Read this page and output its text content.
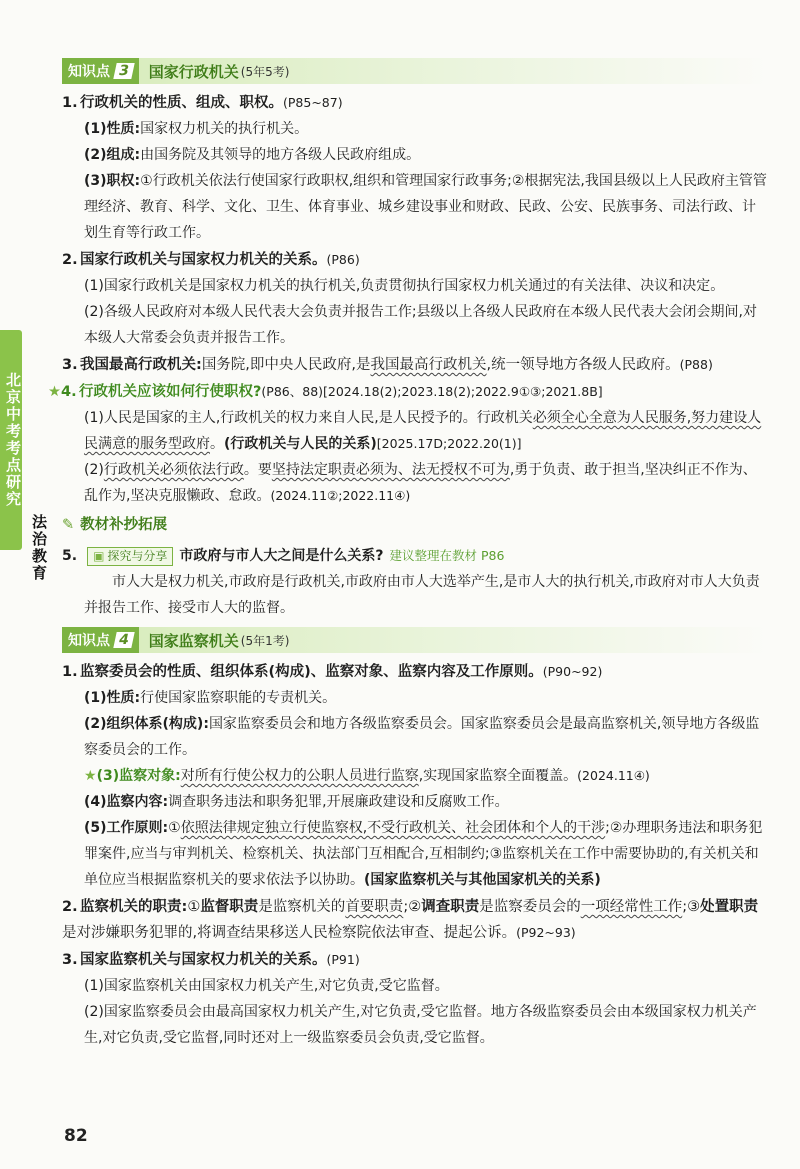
北京中考考点研究
法治教育
知识点 3 国家行政机关 (5年5考)
1. 行政机关的性质、组成、职权。(P85~87)
(1)性质:国家权力机关的执行机关。
(2)组成:由国务院及其领导的地方各级人民政府组成。
(3)职权:①行政机关依法行使国家行政职权,组织和管理国家行政事务;②根据宪法,我国县级以上人民政府主管管理经济、教育、科学、文化、卫生、体育事业、城乡建设事业和财政、民政、公安、民族事务、司法行政、计划生育等行政工作。
2. 国家行政机关与国家权力机关的关系。(P86)
(1)国家行政机关是国家权力机关的执行机关,负责贯彻执行国家权力机关通过的有关法律、决议和决定。
(2)各级人民政府对本级人民代表大会负责并报告工作;县级以上各级人民政府在本级人民代表大会闭会期间,对本级人大常委会负责并报告工作。
3. 我国最高行政机关:国务院,即中央人民政府,是我国最高行政机关,统一领导地方各级人民政府。(P88)
★4. 行政机关应该如何行使职权?(P86、88)[2024.18(2);2023.18(2);2022.9①③;2021.8B]
(1)人民是国家的主人,行政机关的权力来自人民,是人民授予的。行政机关必须全心全意为人民服务,努力建设人民满意的服务型政府。(行政机关与人民的关系)[2025.17D;2022.20(1)]
(2)行政机关必须依法行政。要坚持法定职责必须为、法无授权不可为,勇于负责、敢于担当,坚决纠正不作为、乱作为,坚决克服懒政、怠政。(2024.11②;2022.11④)
✎ 教材补抄拓展
5. ▣ 探究与分享 市政府与市人大之间是什么关系? 建议整理在教材 P86
市人大是权力机关,市政府是行政机关,市政府由市人大选举产生,是市人大的执行机关,市政府对市人大负责并报告工作、接受市人大的监督。
知识点 4 国家监察机关 (5年1考)
1. 监察委员会的性质、组织体系(构成)、监察对象、监察内容及工作原则。(P90~92)
(1)性质:行使国家监察职能的专责机关。
(2)组织体系(构成):国家监察委员会和地方各级监察委员会。国家监察委员会是最高监察机关,领导地方各级监察委员会的工作。
★(3)监察对象:对所有行使公权力的公职人员进行监察,实现国家监察全面覆盖。(2024.11④)
(4)监察内容:调查职务违法和职务犯罪,开展廉政建设和反腐败工作。
(5)工作原则:①依照法律规定独立行使监察权,不受行政机关、社会团体和个人的干涉;②办理职务违法和职务犯罪案件,应当与审判机关、检察机关、执法部门互相配合,互相制约;③监察机关在工作中需要协助的,有关机关和单位应当根据监察机关的要求依法予以协助。(国家监察机关与其他国家机关的关系)
2. 监察机关的职责:①监督职责是监察机关的首要职责;②调查职责是监察委员会的一项经常性工作;③处置职责是对涉嫌职务犯罪的,将调查结果移送人民检察院依法审查、提起公诉。(P92~93)
3. 国家监察机关与国家权力机关的关系。(P91)
(1)国家监察机关由国家权力机关产生,对它负责,受它监督。
(2)国家监察委员会由最高国家权力机关产生,对它负责,受它监督。地方各级监察委员会由本级国家权力机关产生,对它负责,受它监督,同时还对上一级监察委员会负责,受它监督。
82
